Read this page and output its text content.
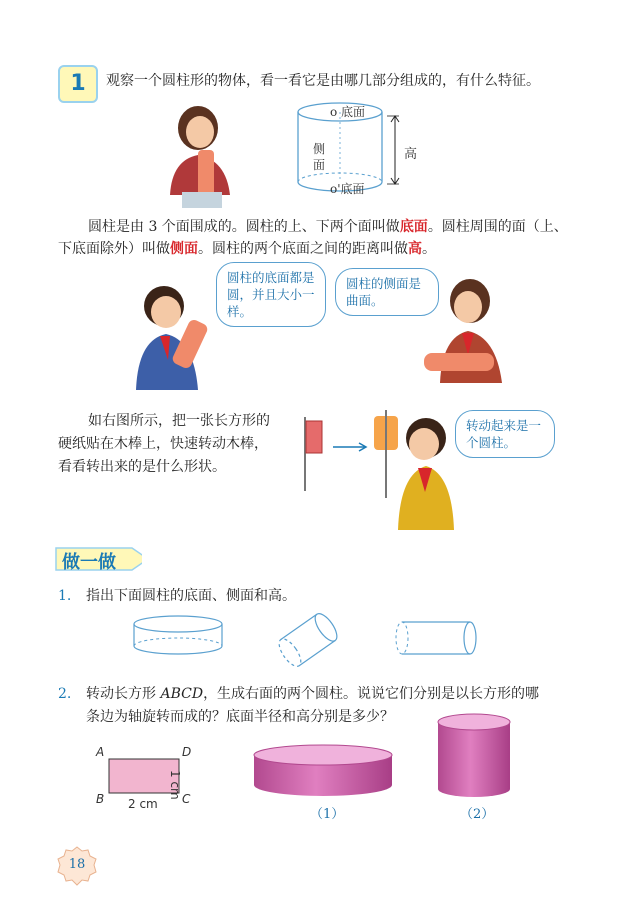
1	观察一个圆柱形的物体，看一看它是由哪几部分组成的，有什么特征。
o 底面
侧
面
高
o'底面
圆柱是由 3 个面围成的。圆柱的上、下两个面叫做底面。圆柱周围的面（上、
下底面除外）叫做侧面。圆柱的两个底面之间的距离叫做高。
圆柱的底面都是圆，并且大小一样。
圆柱的侧面是曲面。
如右图所示，把一张长方形的
硬纸贴在木棒上，快速转动木棒，
看看转出来的是什么形状。
转动起来是一个圆柱。
做一做
1. 指出下面圆柱的底面、侧面和高。
2. 转动长方形 ABCD，生成右面的两个圆柱。说说它们分别是以长方形的哪
条边为轴旋转而成的？底面半径和高分别是多少？
A	D
B	C
2 cm
1 cm
（1）	（2）
18
